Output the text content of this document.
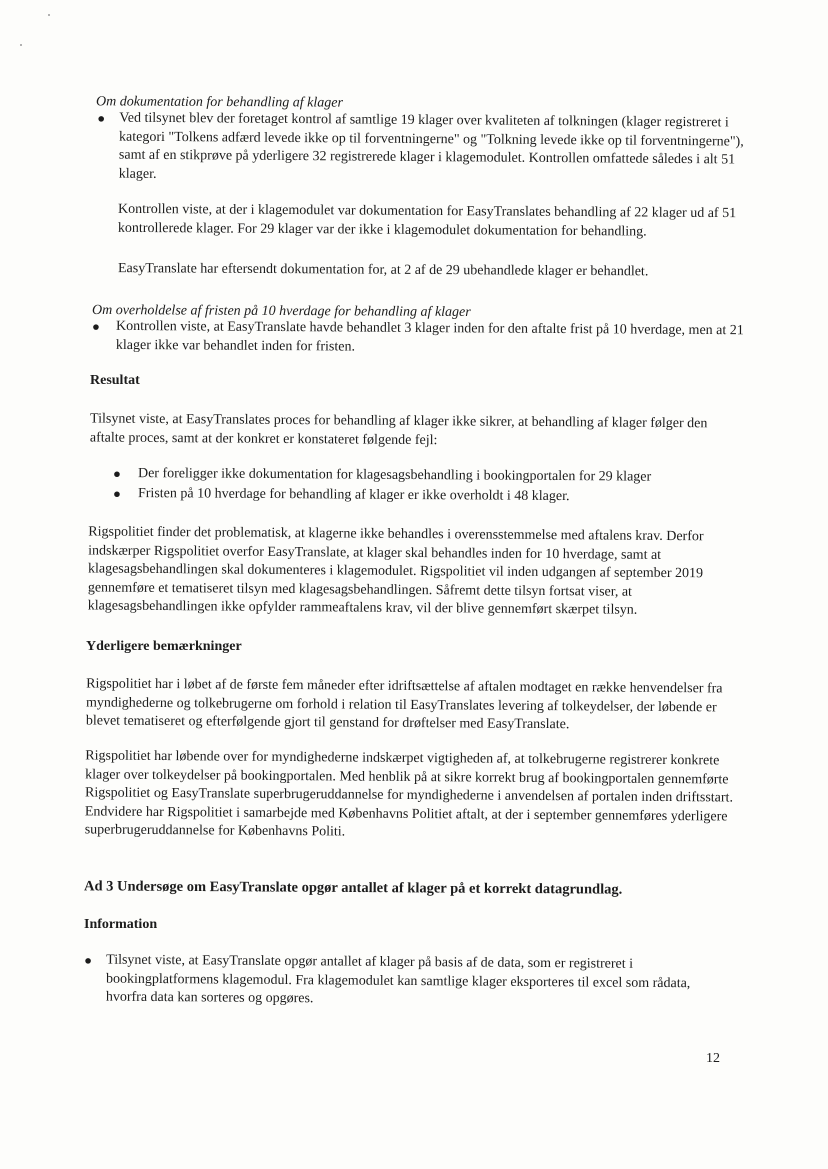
Om dokumentation for behandling af klager
●	Ved tilsynet blev der foretaget kontrol af samtlige 19 klager over kvaliteten af tolkningen (klager registreret i kategori "Tolkens adfærd levede ikke op til forventningerne" og "Tolkning levede ikke op til forventningerne"), samt af en stikprøve på yderligere 32 registrerede klager i klagemodulet. Kontrollen omfattede således i alt 51 klager.
Kontrollen viste, at der i klagemodulet var dokumentation for EasyTranslates behandling af 22 klager ud af 51 kontrollerede klager. For 29 klager var der ikke i klagemodulet dokumentation for behandling.
EasyTranslate har eftersendt dokumentation for, at 2 af de 29 ubehandlede klager er behandlet.
Om overholdelse af fristen på 10 hverdage for behandling af klager
●	Kontrollen viste, at EasyTranslate havde behandlet 3 klager inden for den aftalte frist på 10 hverdage, men at 21 klager ikke var behandlet inden for fristen.
Resultat
Tilsynet viste, at EasyTranslates proces for behandling af klager ikke sikrer, at behandling af klager følger den aftalte proces, samt at der konkret er konstateret følgende fejl:
●	Der foreligger ikke dokumentation for klagesagsbehandling i bookingportalen for 29 klager
●	Fristen på 10 hverdage for behandling af klager er ikke overholdt i 48 klager.
Rigspolitiet finder det problematisk, at klagerne ikke behandles i overensstemmelse med aftalens krav. Derfor indskærper Rigspolitiet overfor EasyTranslate, at klager skal behandles inden for 10 hverdage, samt at klagesagsbehandlingen skal dokumenteres i klagemodulet. Rigspolitiet vil inden udgangen af september 2019 gennemføre et tematiseret tilsyn med klagesagsbehandlingen. Såfremt dette tilsyn fortsat viser, at klagesagsbehandlingen ikke opfylder rammeaftalens krav, vil der blive gennemført skærpet tilsyn.
Yderligere bemærkninger
Rigspolitiet har i løbet af de første fem måneder efter idriftsættelse af aftalen modtaget en række henvendelser fra myndighederne og tolkebrugerne om forhold i relation til EasyTranslates levering af tolkeydelser, der løbende er blevet tematiseret og efterfølgende gjort til genstand for drøftelser med EasyTranslate.
Rigspolitiet har løbende over for myndighederne indskærpet vigtigheden af, at tolkebrugerne registrerer konkrete klager over tolkeydelser på bookingportalen. Med henblik på at sikre korrekt brug af bookingportalen gennemførte Rigspolitiet og EasyTranslate superbrugeruddannelse for myndighederne i anvendelsen af portalen inden driftsstart. Endvidere har Rigspolitiet i samarbejde med Københavns Politiet aftalt, at der i september gennemføres yderligere superbrugeruddannelse for Københavns Politi.
Ad 3 Undersøge om EasyTranslate opgør antallet af klager på et korrekt datagrundlag.
Information
●	Tilsynet viste, at EasyTranslate opgør antallet af klager på basis af de data, som er registreret i bookingplatformens klagemodul. Fra klagemodulet kan samtlige klager eksporteres til excel som rådata, hvorfra data kan sorteres og opgøres.
12
